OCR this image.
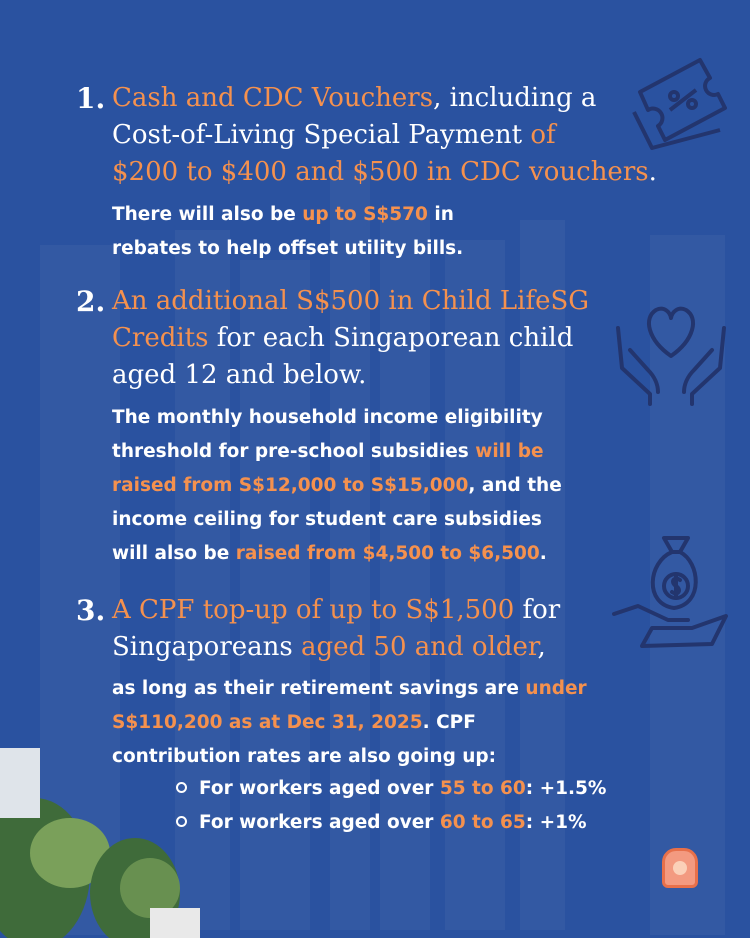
1. Cash and CDC Vouchers, including a
Cost-of-Living Special Payment of
$200 to $400 and $500 in CDC vouchers.
There will also be up to S$570 in
rebates to help offset utility bills.
2. An additional S$500 in Child LifeSG
Credits for each Singaporean child
aged 12 and below.
The monthly household income eligibility
threshold for pre-school subsidies will be
raised from S$12,000 to S$15,000, and the
income ceiling for student care subsidies
will also be raised from $4,500 to $6,500.
3. A CPF top-up of up to S$1,500 for
Singaporeans aged 50 and older,
as long as their retirement savings are under
S$110,200 as at Dec 31, 2025. CPF
contribution rates are also going up:
For workers aged over 55 to 60: +1.5%
For workers aged over 60 to 65: +1%
